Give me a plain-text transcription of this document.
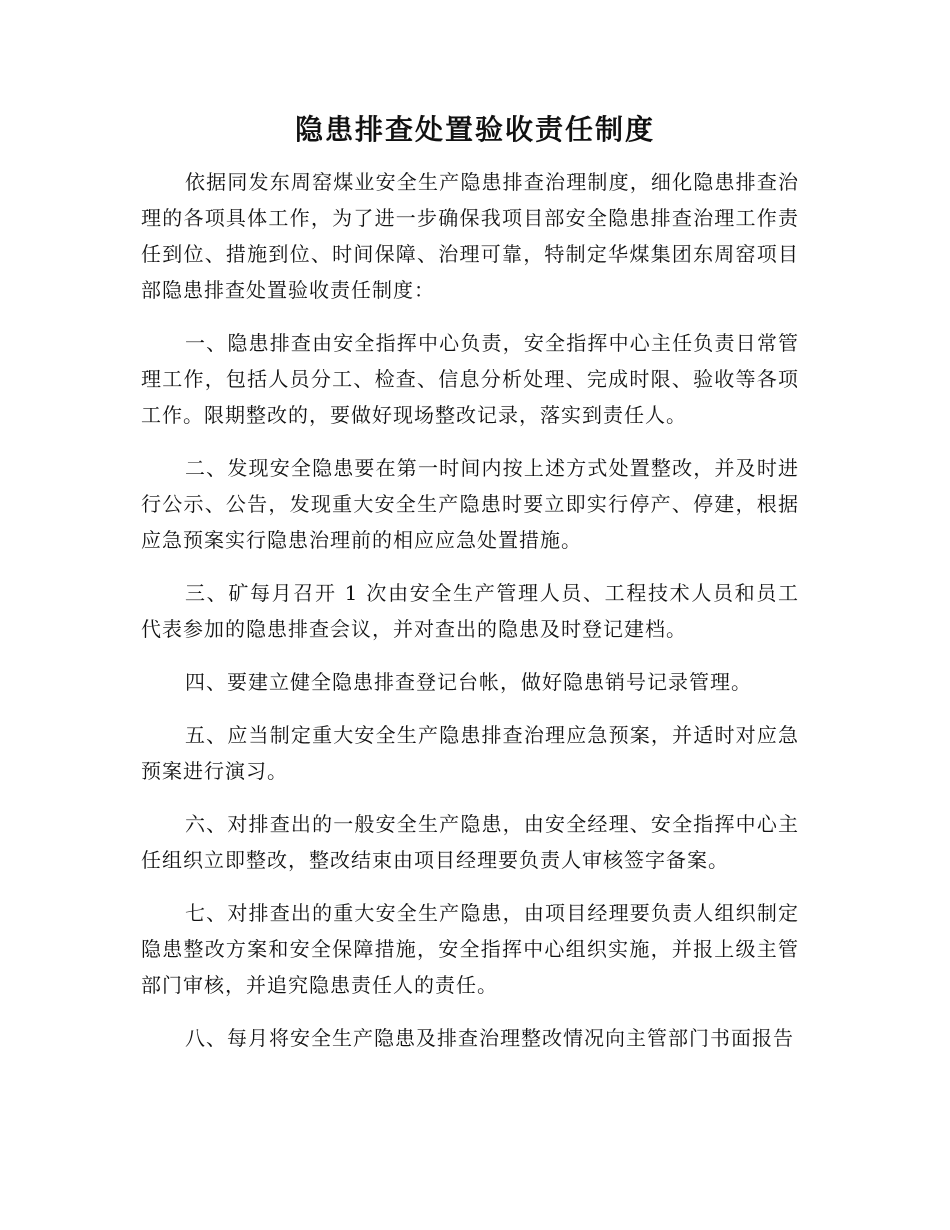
隐患排查处置验收责任制度

依据同发东周窑煤业安全生产隐患排查治理制度，细化隐患排查治理的各项具体工作，为了进一步确保我项目部安全隐患排查治理工作责任到位、措施到位、时间保障、治理可靠，特制定华煤集团东周窑项目部隐患排查处置验收责任制度：

一、隐患排查由安全指挥中心负责，安全指挥中心主任负责日常管理工作，包括人员分工、检查、信息分析处理、完成时限、验收等各项工作。限期整改的，要做好现场整改记录，落实到责任人。

二、发现安全隐患要在第一时间内按上述方式处置整改，并及时进行公示、公告，发现重大安全生产隐患时要立即实行停产、停建，根据应急预案实行隐患治理前的相应应急处置措施。

三、矿每月召开 1 次由安全生产管理人员、工程技术人员和员工代表参加的隐患排查会议，并对查出的隐患及时登记建档。

四、要建立健全隐患排查登记台帐，做好隐患销号记录管理。

五、应当制定重大安全生产隐患排查治理应急预案，并适时对应急预案进行演习。

六、对排查出的一般安全生产隐患，由安全经理、安全指挥中心主任组织立即整改，整改结束由项目经理要负责人审核签字备案。

七、对排查出的重大安全生产隐患，由项目经理要负责人组织制定隐患整改方案和安全保障措施，安全指挥中心组织实施，并报上级主管部门审核，并追究隐患责任人的责任。

八、每月将安全生产隐患及排查治理整改情况向主管部门书面报告
